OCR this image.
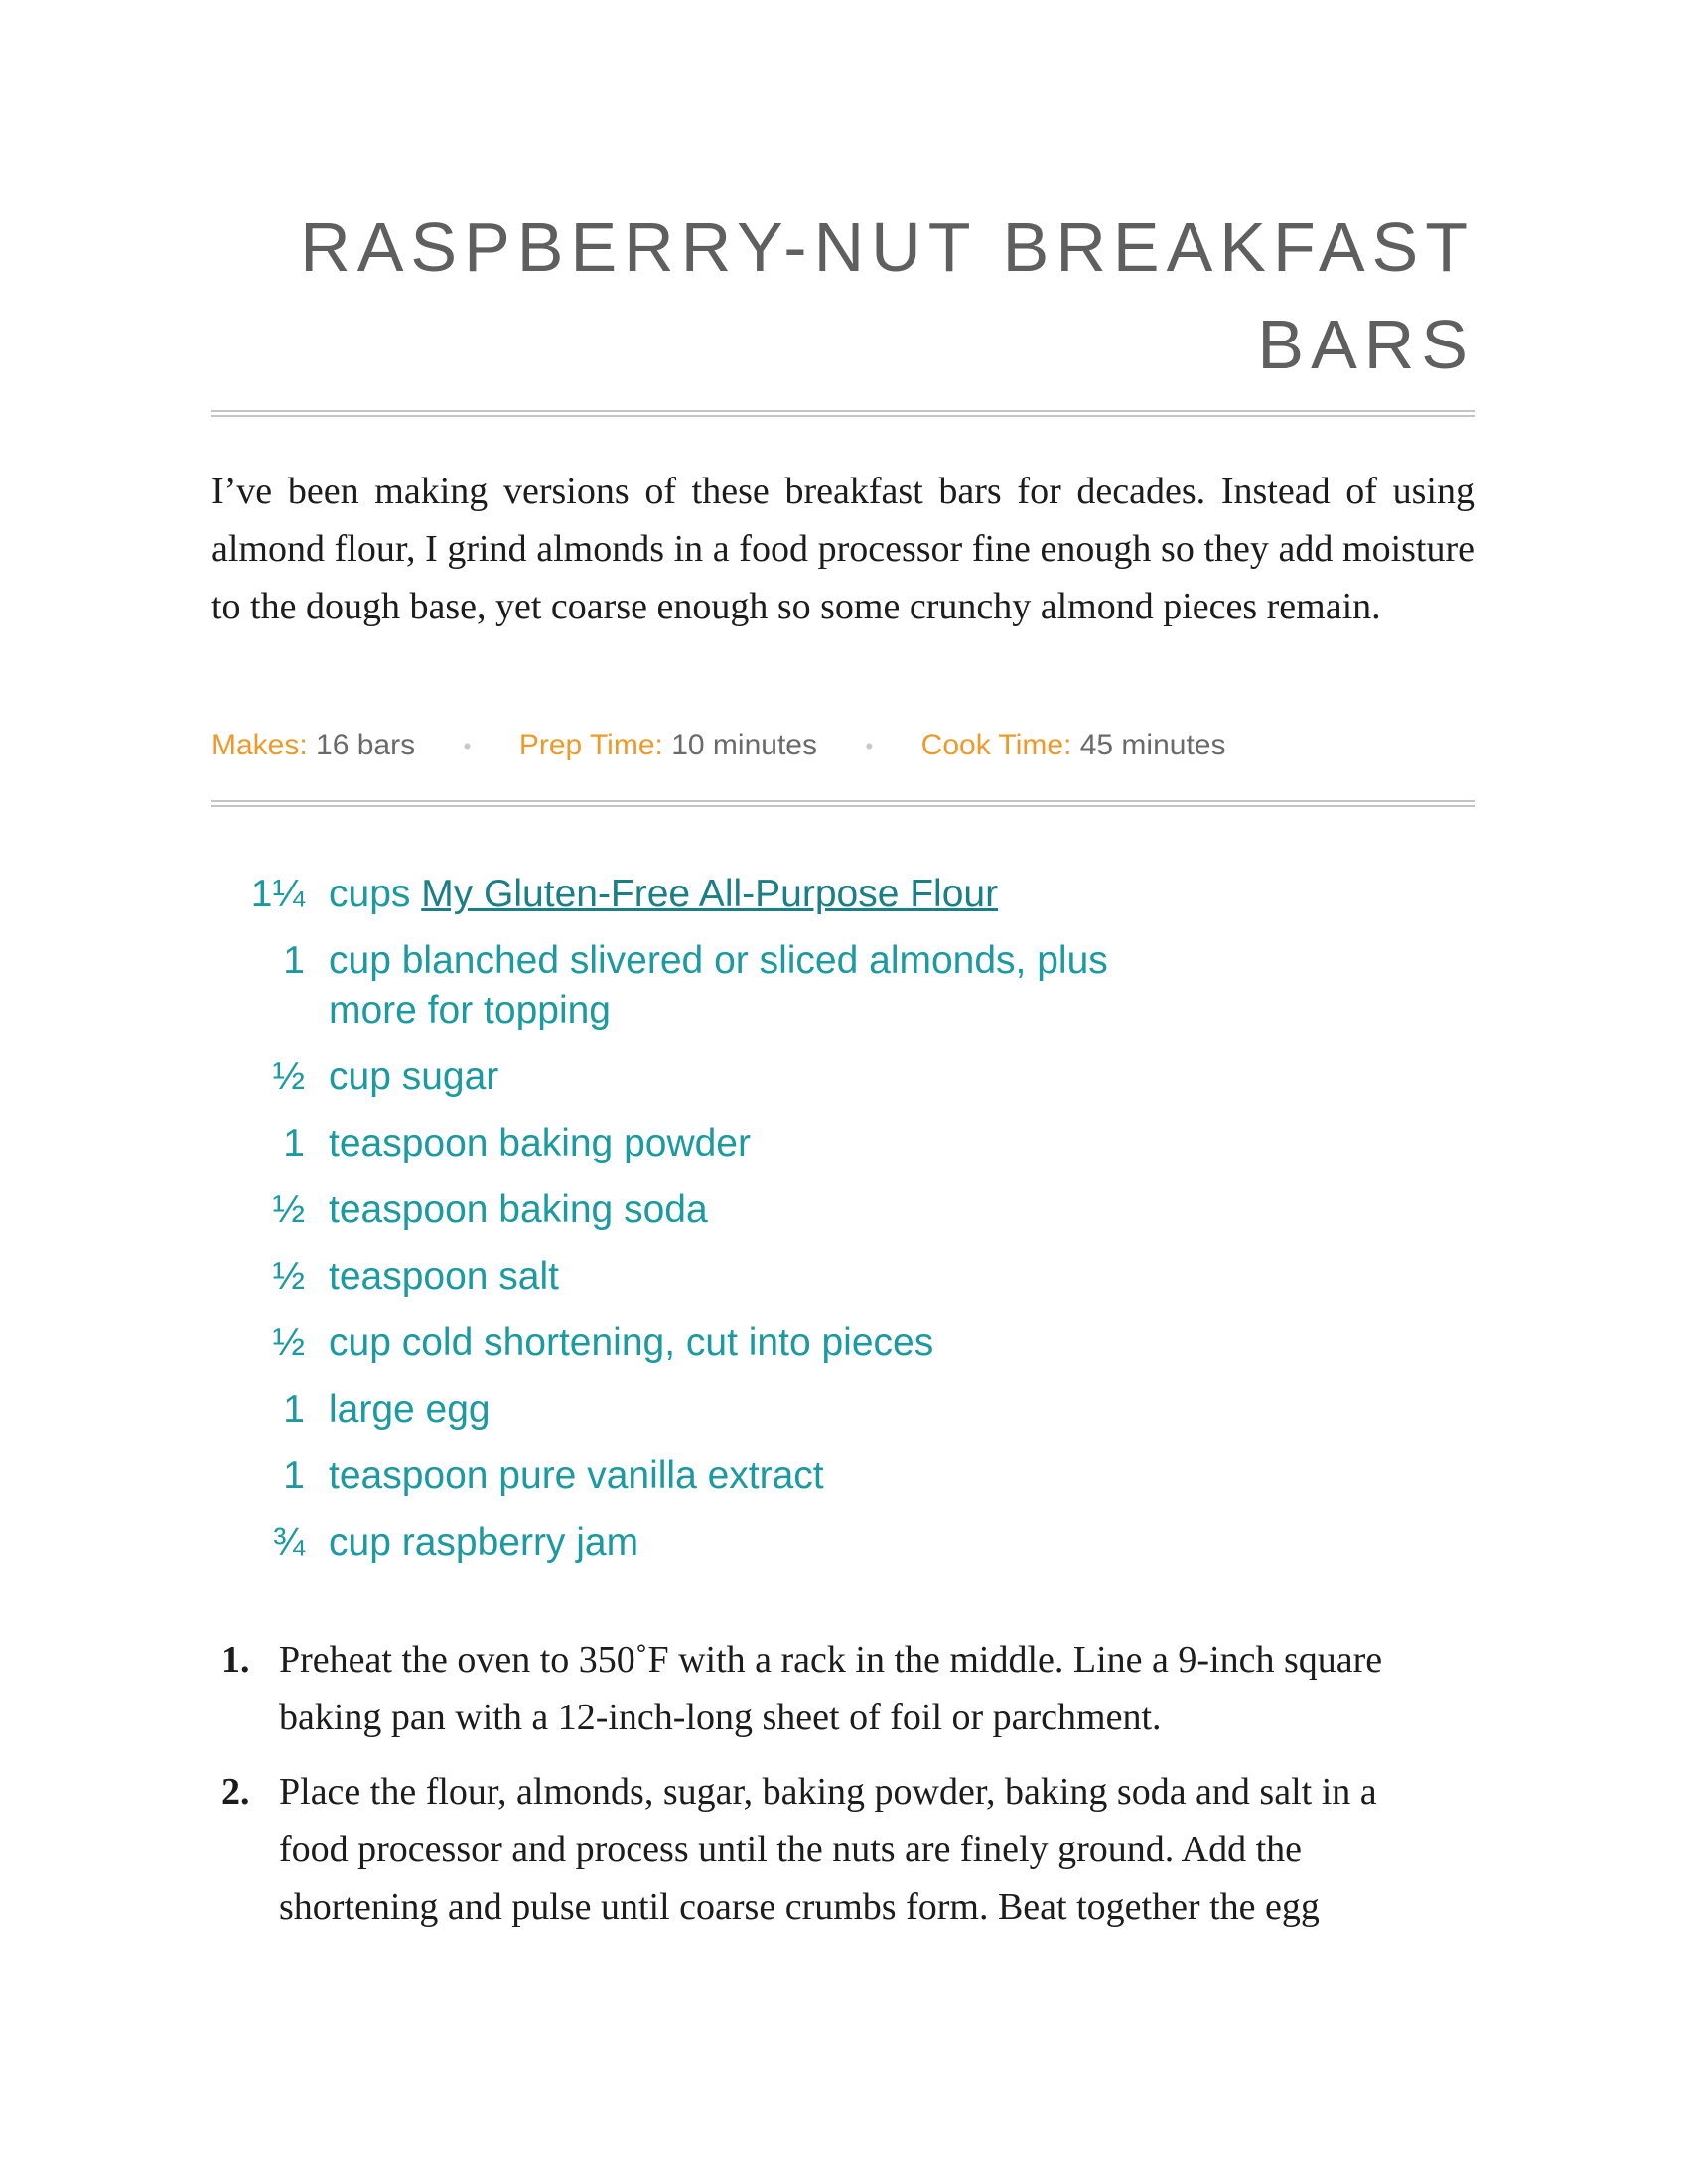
RASPBERRY-NUT BREAKFAST BARS

I’ve been making versions of these breakfast bars for decades. Instead of using almond flour, I grind almonds in a food processor fine enough so they add moisture to the dough base, yet coarse enough so some crunchy almond pieces remain.

Makes: 16 bars • Prep Time: 10 minutes • Cook Time: 45 minutes
1¼ cups My Gluten-Free All-Purpose Flour
1 cup blanched slivered or sliced almonds, plus more for topping
½ cup sugar
1 teaspoon baking powder
½ teaspoon baking soda
½ teaspoon salt
½ cup cold shortening, cut into pieces
1 large egg
1 teaspoon pure vanilla extract
¾ cup raspberry jam
1. Preheat the oven to 350˚F with a rack in the middle. Line a 9-inch square baking pan with a 12-inch-long sheet of foil or parchment.
2. Place the flour, almonds, sugar, baking powder, baking soda and salt in a food processor and process until the nuts are finely ground. Add the shortening and pulse until coarse crumbs form. Beat together the egg
